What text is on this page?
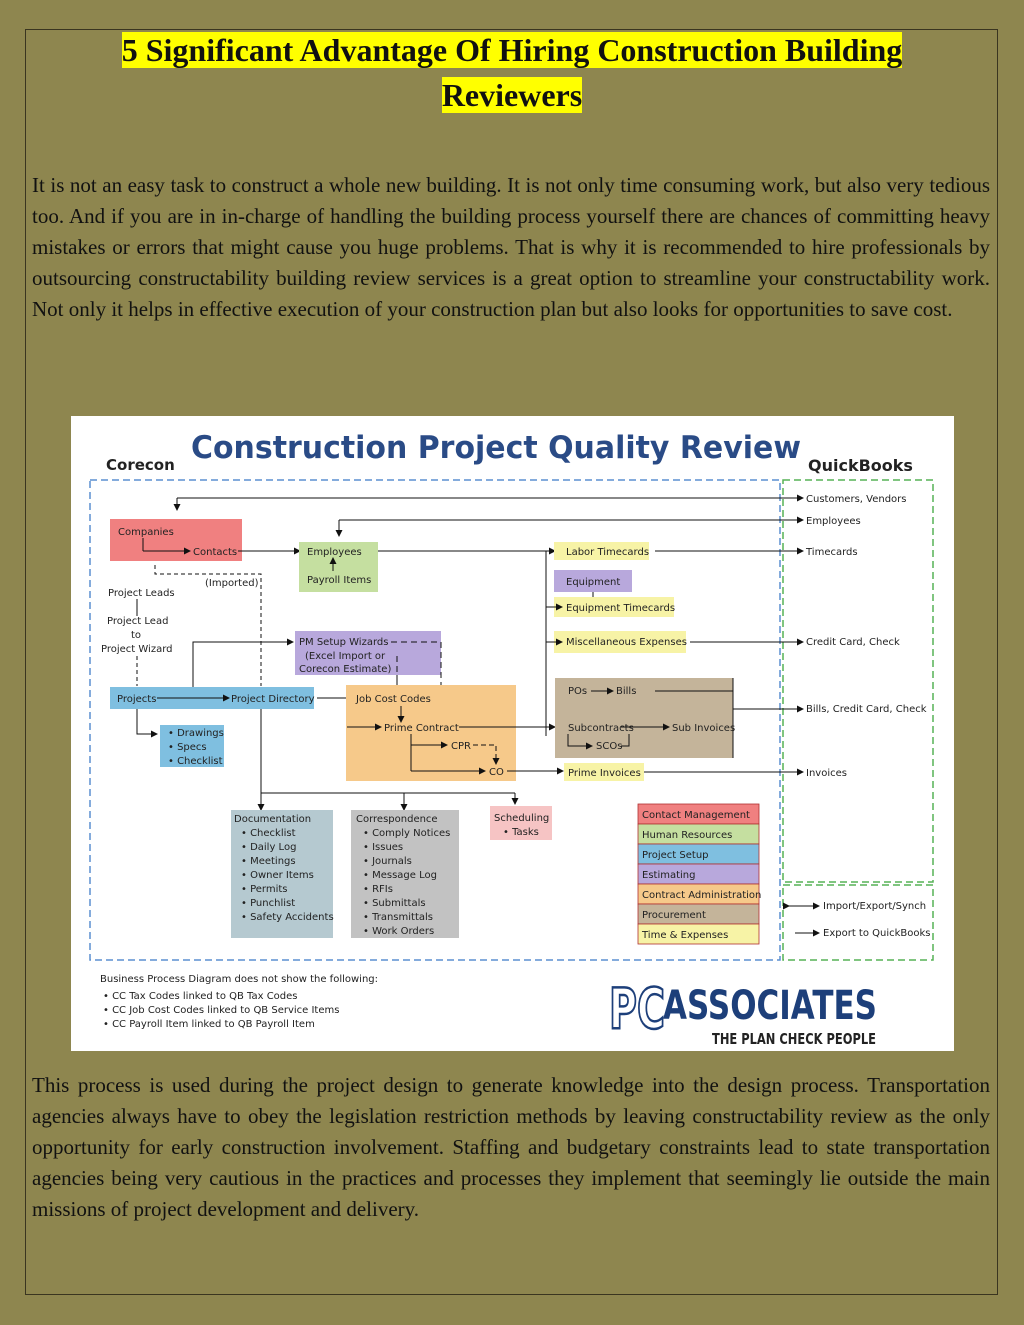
5 Significant Advantage Of Hiring Construction Building Reviewers

It is not an easy task to construct a whole new building. It is not only time consuming work, but also very tedious too. And if you are in in-charge of handling the building process yourself there are chances of committing heavy mistakes or errors that might cause you huge problems. That is why it is recommended to hire professionals by outsourcing constructability building review services is a great option to streamline your constructability work. Not only it helps in effective execution of your construction plan but also looks for opportunities to save cost.

Construction Project Quality Review
Corecon	QuickBooks
Companies
Contacts
(Imported)
Employees
Payroll Items
Labor Timecards
Equipment
Equipment Timecards
Miscellaneous Expenses
Project Leads
Project Lead
to
Project Wizard
PM Setup Wizards
(Excel Import or
Corecon Estimate)
Projects	Project Directory	Job Cost Codes
Prime Contract
CPR
CO
POs	Bills
Subcontracts	Sub Invoices
SCOs
Prime Invoices
• Drawings
• Specs
• Checklist
Documentation
• Checklist
• Daily Log
• Meetings
• Owner Items
• Permits
• Punchlist
• Safety Accidents
Correspondence
• Comply Notices
• Issues
• Journals
• Message Log
• RFIs
• Submittals
• Transmittals
• Work Orders
Scheduling
• Tasks
Contact Management
Human Resources
Project Setup
Estimating
Contract Administration
Procurement
Time & Expenses
Customers, Vendors
Employees
Timecards
Credit Card, Check
Bills, Credit Card, Check
Invoices
Import/Export/Synch
Export to QuickBooks
Business Process Diagram does not show the following:
• CC Tax Codes linked to QB Tax Codes
• CC Job Cost Codes linked to QB Service Items
• CC Payroll Item linked to QB Payroll Item	PC
ASSOCIATES
THE PLAN CHECK PEOPLE

This process is used during the project design to generate knowledge into the design process. Transportation agencies always have to obey the legislation restriction methods by leaving constructability review as the only opportunity for early construction involvement. Staffing and budgetary constraints lead to state transportation agencies being very cautious in the practices and processes they implement that seemingly lie outside the main missions of project development and delivery.
